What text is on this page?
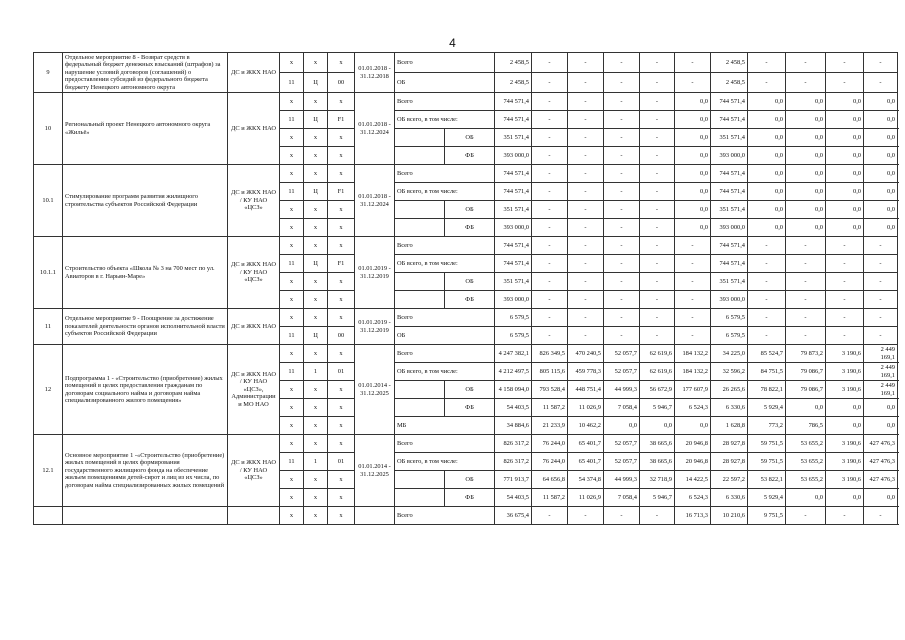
4
9	Отдельное мероприятие 8 - Возврат средств в федеральный бюджет денежных взысканий (штрафов) за нарушение условий договоров (соглашений) о предоставлении субсидий из федерального бюджета бюджету Ненецкого автономного округа	ДС и ЖКХ НАО	х	х	х	01.01.2018 - 31.12.2018	Всего		2 458,5	-	-	-	-	-	2 458,5	-	-	-	-	
			11	Ц	00		ОБ		2 458,5	-	-	-	-	-	2 458,5	-	-	-	-	
10	Региональный проект Ненецкого автономного округа «Жильё»	ДС и ЖКХ НАО	х	х	х	01.01.2018 - 31.12.2024	Всего		744 571,4	-	-	-	-	0,0	744 571,4	0,0	0,0	0,0	0,0	
			11	Ц	F1		ОБ всего, в том числе:		744 571,4	-	-	-	-	0,0	744 571,4	0,0	0,0	0,0	0,0	
			х	х	х			ОБ	351 571,4	-	-	-	-	0,0	351 571,4	0,0	0,0	0,0	0,0	
			х	х	х			ФБ	393 000,0	-	-	-	-	0,0	393 000,0	0,0	0,0	0,0	0,0	
10.1	Стимулирование программ развития жилищного строительства субъектов Российской Федерации	ДС и ЖКХ НАО / КУ НАО «ЦСЗ»	х	х	х	01.01.2018 - 31.12.2024	Всего		744 571,4	-	-	-	-	0,0	744 571,4	0,0	0,0	0,0	0,0	
			11	Ц	F1		ОБ всего, в том числе:		744 571,4	-	-	-	-	0,0	744 571,4	0,0	0,0	0,0	0,0	
			х	х	х			ОБ	351 571,4	-	-	-	-	0,0	351 571,4	0,0	0,0	0,0	0,0	
			х	х	х			ФБ	393 000,0	-	-	-	-	0,0	393 000,0	0,0	0,0	0,0	0,0	
10.1.1	Строительство объекта «Школа № 3 на 700 мест по ул. Авиаторов в г. Нарьян-Маре»	ДС и ЖКХ НАО / КУ НАО «ЦСЗ»	х	х	х	01.01.2019 - 31.12.2019	Всего		744 571,4	-	-	-	-	-	744 571,4	-	-	-	-	
			11	Ц	F1		ОБ всего, в том числе:		744 571,4	-	-	-	-	-	744 571,4	-	-	-	-	
			х	х	х			ОБ	351 571,4	-	-	-	-	-	351 571,4	-	-	-	-	
			х	х	х			ФБ	393 000,0	-	-	-	-	-	393 000,0	-	-	-	-	
11	Отдельное мероприятие 9 - Поощрение за достижение показателей деятельности органов исполнительной власти субъектов Российской Федерации	ДС и ЖКХ НАО	х	х	х	01.01.2019 - 31.12.2019	Всего		6 579,5	-	-	-	-	-	6 579,5	-	-	-	-	
			11	Ц	00		ОБ		6 579,5	-	-	-	-	-	6 579,5	-	-	-	-	
12	Подпрограмма 1 - «Строительство (приобретение) жилых помещений в целях предоставления гражданам по договорам социального найма и договорам найма специализированного жилого помещения»	ДС и ЖКХ НАО / КУ НАО «ЦСЗ», Администрации и МО НАО	х	х	х	01.01.2014 - 31.12.2025	Всего		4 247 382,1	826 349,5	470 240,5	52 057,7	62 619,6	184 132,2	34 225,0	85 524,7	79 873,2	3 190,6	2 449 169,1	
			11	1	01		ОБ всего, в том числе:		4 212 497,5	805 115,6	459 778,3	52 057,7	62 619,6	184 132,2	32 596,2	84 751,5	79 086,7	3 190,6	2 449 169,1	
			х	х	х			ОБ	4 158 094,0	793 528,4	448 751,4	44 999,3	56 672,9	177 607,9	26 265,6	78 822,1	79 086,7	3 190,6	2 449 169,1	
			х	х	х			ФБ	54 403,5	11 587,2	11 026,9	7 058,4	5 946,7	6 524,3	6 330,6	5 929,4	0,0	0,0	0,0	
			х	х	х		МБ		34 884,6	21 233,9	10 462,2	0,0	0,0	0,0	1 628,8	773,2	786,5	0,0	0,0	
12.1	Основное мероприятие 1 -«Строительство (приобретение) жилых помещений в целях формирования государственного жилищного фонда на обеспечение жильем помещениями детей-сирот и лиц из их числа, по договорам найма специализированных жилых помещений	ДС и ЖКХ НАО / КУ НАО «ЦСЗ»	х	х	х	01.01.2014 - 31.12.2025	Всего		826 317,2	76 244,0	65 401,7	52 057,7	38 665,6	20 946,8	28 927,8	59 751,5	53 655,2	3 190,6	427 476,3	
			11	1	01		ОБ всего, в том числе:		826 317,2	76 244,0	65 401,7	52 057,7	38 665,6	20 946,8	28 927,8	59 751,5	53 655,2	3 190,6	427 476,3	
			х	х	х			ОБ	771 913,7	64 656,8	54 374,8	44 999,3	32 718,9	14 422,5	22 597,2	53 822,1	53 655,2	3 190,6	427 476,3	
			х	х	х			ФБ	54 403,5	11 587,2	11 026,9	7 058,4	5 946,7	6 524,3	6 330,6	5 929,4	0,0	0,0	0,0	
			х	х	х		Всего		36 675,4	-	-	-	-	16 713,3	10 210,6	9 751,5	-	-	-	
